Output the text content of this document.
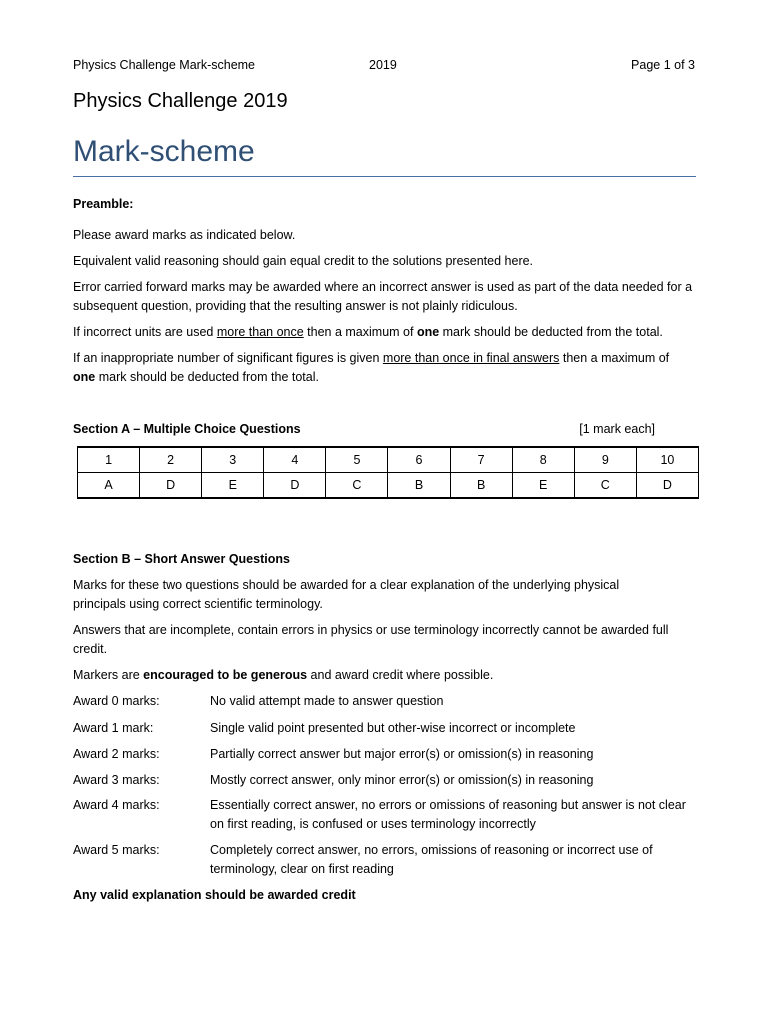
Physics Challenge Mark-scheme	2019	Page 1 of 3
Physics Challenge 2019
Mark-scheme
Preamble:
Please award marks as indicated below.
Equivalent valid reasoning should gain equal credit to the solutions presented here.
Error carried forward marks may be awarded where an incorrect answer is used as part of the data needed for a subsequent question, providing that the resulting answer is not plainly ridiculous.
If incorrect units are used more than once then a maximum of one mark should be deducted from the total.
If an inappropriate number of significant figures is given more than once in final answers then a maximum of one mark should be deducted from the total.
Section A – Multiple Choice Questions	[1 mark each]
1	2	3	4	5	6	7	8	9	10
A	D	E	D	C	B	B	E	C	D
Section B – Short Answer Questions
Marks for these two questions should be awarded for a clear explanation of the underlying physical principals using correct scientific terminology.
Answers that are incomplete, contain errors in physics or use terminology incorrectly cannot be awarded full credit.
Markers are encouraged to be generous and award credit where possible.
Award 0 marks:	No valid attempt made to answer question
Award 1 mark:	Single valid point presented but other-wise incorrect or incomplete
Award 2 marks:	Partially correct answer but major error(s) or omission(s) in reasoning
Award 3 marks:	Mostly correct answer, only minor error(s) or omission(s) in reasoning
Award 4 marks:	Essentially correct answer, no errors or omissions of reasoning but answer is not clear on first reading, is confused or uses terminology incorrectly
Award 5 marks:	Completely correct answer, no errors, omissions of reasoning or incorrect use of terminology, clear on first reading
Any valid explanation should be awarded credit
